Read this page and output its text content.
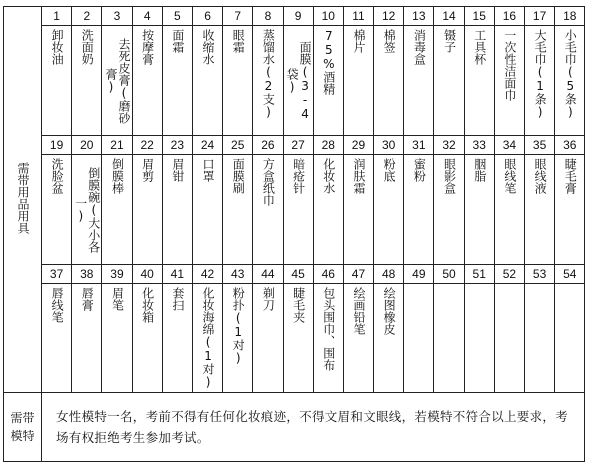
需带用品用具	1	2	3	4	5	6	7	8	9	10	11	12	13	14	15	16	17	18
	卸妆油	洗面奶	去死皮膏(磨砂膏)	按摩膏	面霜	收缩水	眼霜	蒸馏水(2支)	面膜(3-4袋)	75%酒精	棉片	棉签	消毒盒	镊子	工具杯	一次性洁面巾	大毛巾(1条)	小毛巾(5条)
	19	20	21	22	23	24	25	26	27	28	29	30	31	32	33	34	35	36
	洗脸盆	倒膜碗(大小各一)	倒膜棒	眉剪	眉钳	口罩	面膜刷	方盒纸巾	暗疮针	化妆水	润肤霜	粉底	蜜粉	眼影盒	胭脂	眼线笔	眼线液	睫毛膏
	37	38	39	40	41	42	43	44	45	46	47	48	49	50	51	52	53	54
	唇线笔	唇膏	眉笔	化妆箱	套扫	化妆海绵(1对)	粉扑(1对)	剃刀	睫毛夹	包头围巾、围布	绘画铅笔	绘图橡皮						

需带
模特	女性模特一名，考前不得有任何化妆痕迹，不得文眉和文眼线，若模特不符合以上要求，考场有权拒绝考生参加考试。																	
